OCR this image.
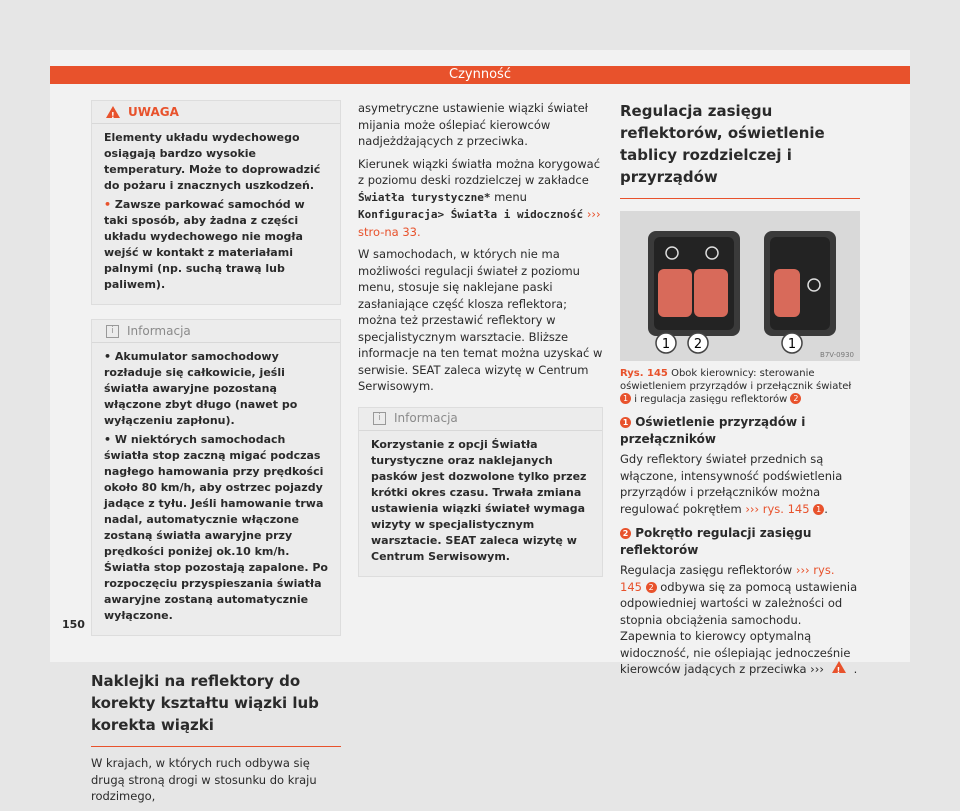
Czynność
!
UWAGA

Elementy układu wydechowego osiągają bardzo wysokie temperatury. Może to doprowadzić do pożaru i znacznych uszkodzeń.

• Zawsze parkować samochód w taki sposób, aby żadna z części układu wydechowego nie mogła wejść w kontakt z materiałami palnymi (np. suchą trawą lub paliwem).

i	Informacja

• Akumulator samochodowy rozładuje się całkowicie, jeśli światła awaryjne pozostaną włączone zbyt długo (nawet po wyłączeniu zapłonu).

• W niektórych samochodach światła stop zaczną migać podczas nagłego hamowania przy prędkości około 80 km/h, aby ostrzec pojazdy jadące z tyłu. Jeśli hamowanie trwa nadal, automatycznie włączone zostaną światła awaryjne przy prędkości poniżej ok.10 km/h. Światła stop pozostają zapalone. Po rozpoczęciu przyspieszania światła awaryjne zostaną automatycznie wyłączone.

Naklejki na reflektory do korekty kształtu wiązki lub korekta wiązki

W krajach, w których ruch odbywa się drugą stroną drogi w stosunku do kraju rodzimego,

asymetryczne ustawienie wiązki świateł mijania może oślepiać kierowców nadjeżdżających z przeciwka.

Kierunek wiązki światła można korygować z poziomu deski rozdzielczej w zakładce Światła turystyczne* menu Konfiguracja> Światła i widoczność ››› stro-na 33.

W samochodach, w których nie ma możliwości regulacji świateł z poziomu menu, stosuje się naklejane paski zasłaniające część klosza reflektora; można też przestawić reflektory w specjalistycznym warsztacie. Bliższe informacje na ten temat można uzyskać w serwisie. SEAT zaleca wizytę w Centrum Serwisowym.

i	Informacja

Korzystanie z opcji Światła turystyczne oraz naklejanych pasków jest dozwolone tylko przez krótki okres czasu. Trwała zmiana ustawienia wiązki świateł wymaga wizyty w specjalistycznym warsztacie. SEAT zaleca wizytę w Centrum Serwisowym.

Regulacja zasięgu reflektorów, oświetlenie tablicy rozdzielczej i przyrządów
1 2	1
B7V-0930
Rys. 145 Obok kierownicy: sterowanie oświetleniem przyrządów i przełącznik świateł 1 i regulacja zasięgu reflektorów 2
1 Oświetlenie przyrządów i przełączników

Gdy reflektory świateł przednich są włączone, intensywność podświetlenia przyrządów i przełączników można regulować pokrętłem ››› rys. 145 1 .

2 Pokrętło regulacji zasięgu reflektorów

Regulacja zasięgu reflektorów ››› rys. 145 2 odbywa się za pomocą ustawienia odpowiedniej wartości w zależności od stopnia obciążenia samochodu. Zapewnia to kierowcy optymalną widoczność, nie oślepiając jednocześnie kierowców jadących z przeciwka ››› !	.

150
